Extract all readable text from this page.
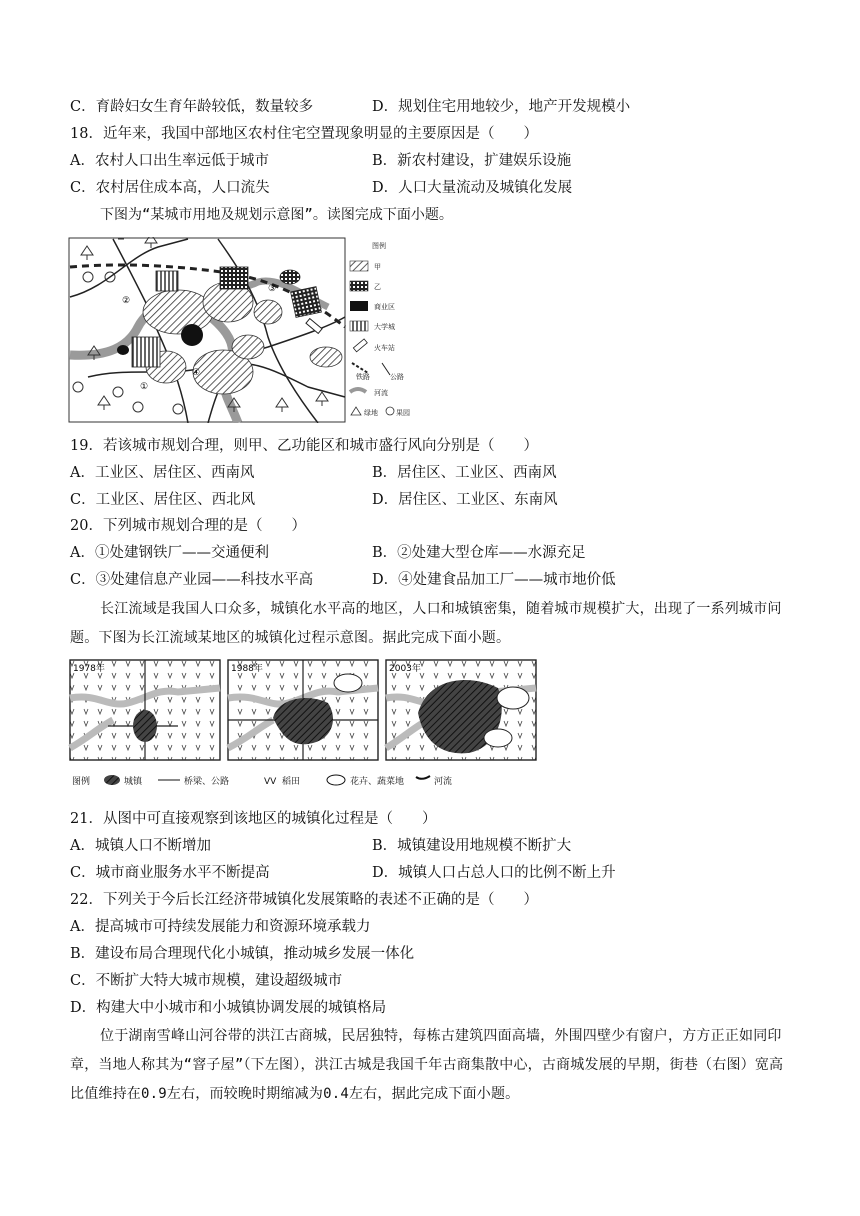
C．育龄妇女生育年龄较低，数量较多	D．规划住宅用地较少，地产开发规模小
18．近年来，我国中部地区农村住宅空置现象明显的主要原因是（　　）
A．农村人口出生率远低于城市	B．新农村建设，扩建娱乐设施
C．农村居住成本高，人口流失	D．人口大量流动及城镇化发展
下图为“某城市用地及规划示意图”。读图完成下面小题。
②
①
③
④
图例
甲
乙
商业区
大学城
火车站
铁路	公路
河流
绿地	果园
19．若该城市规划合理，则甲、乙功能区和城市盛行风向分别是（　　）
A．工业区、居住区、西南风	B．居住区、工业区、西南风
C．工业区、居住区、西北风	D．居住区、工业区、东南风
20．下列城市规划合理的是（　　）
A．①处建钢铁厂——交通便利	B．②处建大型仓库——水源充足
C．③处建信息产业园——科技水平高	D．④处建食品加工厂——城市地价低
长江流域是我国人口众多，城镇化水平高的地区，人口和城镇密集，随着城市规模扩大，出现了一系列城市问题。下图为长江流域某地区的城镇化过程示意图。据此完成下面小题。
1978年	1988年	2003年
图例	城镇	桥梁、公路	VV 稻田	花卉、蔬菜地	河流
21．从图中可直接观察到该地区的城镇化过程是（　　）
A．城镇人口不断增加	B．城镇建设用地规模不断扩大
C．城市商业服务水平不断提高	D．城镇人口占总人口的比例不断上升
22．下列关于今后长江经济带城镇化发展策略的表述不正确的是（　　）
A．提高城市可持续发展能力和资源环境承载力
B．建设布局合理现代化小城镇，推动城乡发展一体化
C．不断扩大特大城市规模，建设超级城市
D．构建大中小城市和小城镇协调发展的城镇格局
位于湖南雪峰山河谷带的洪江古商城，民居独特，每栋古建筑四面高墙，外围四壁少有窗户，方方正正如同印章，当地人称其为“窨子屋”（下左图），洪江古城是我国千年古商集散中心，古商城发展的早期，街巷（右图）宽高比值维持在0.9左右，而较晚时期缩减为0.4左右，据此完成下面小题。
